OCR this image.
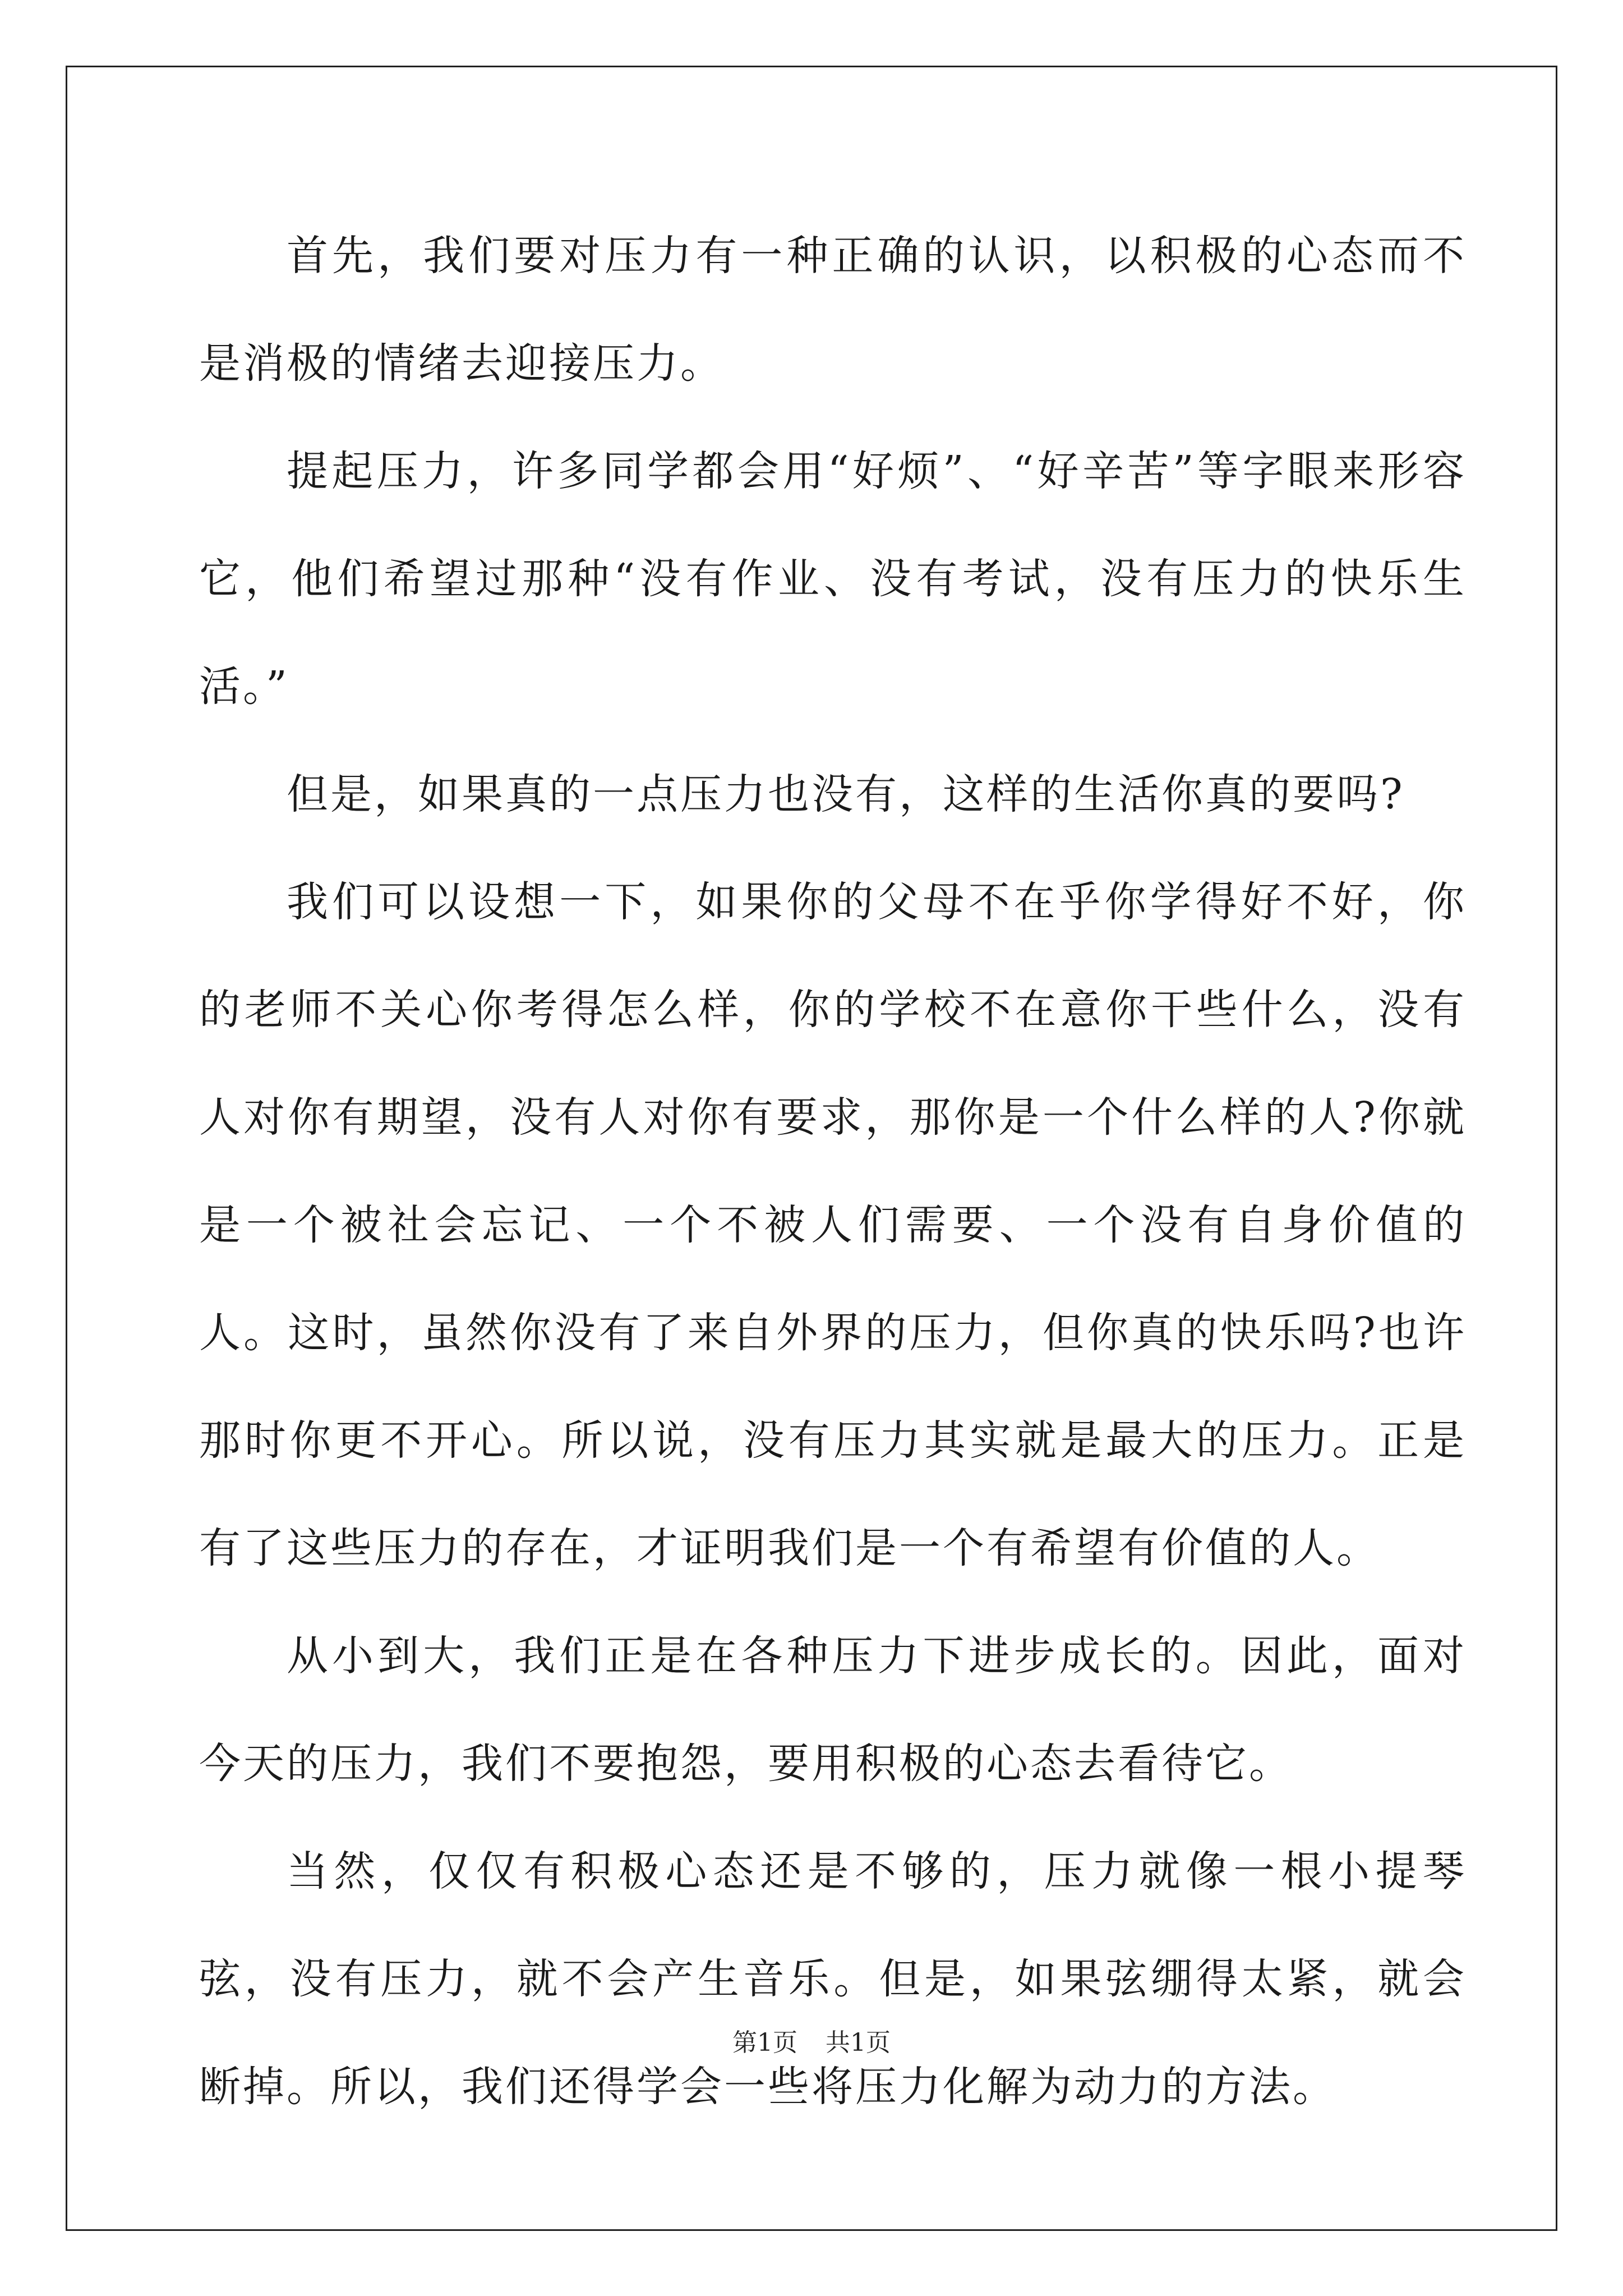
首先，我们要对压力有一种正确的认识，以积极的心态而不是消极的情绪去迎接压力。

提起压力，许多同学都会用“好烦”、“好辛苦”等字眼来形容它，他们希望过那种“没有作业、没有考试，没有压力的快乐生活。”

但是，如果真的一点压力也没有，这样的生活你真的要吗?

我们可以设想一下，如果你的父母不在乎你学得好不好，你的老师不关心你考得怎么样，你的学校不在意你干些什么，没有人对你有期望，没有人对你有要求，那你是一个什么样的人?你就是一个被社会忘记、一个不被人们需要、一个没有自身价值的人。这时，虽然你没有了来自外界的压力，但你真的快乐吗?也许那时你更不开心。所以说，没有压力其实就是最大的压力。正是有了这些压力的存在，才证明我们是一个有希望有价值的人。

从小到大，我们正是在各种压力下进步成长的。因此，面对今天的压力，我们不要抱怨，要用积极的心态去看待它。

当然，仅仅有积极心态还是不够的，压力就像一根小提琴弦，没有压力，就不会产生音乐。但是，如果弦绷得太紧，就会断掉。所以，我们还得学会一些将压力化解为动力的方法。

第1页 共1页
